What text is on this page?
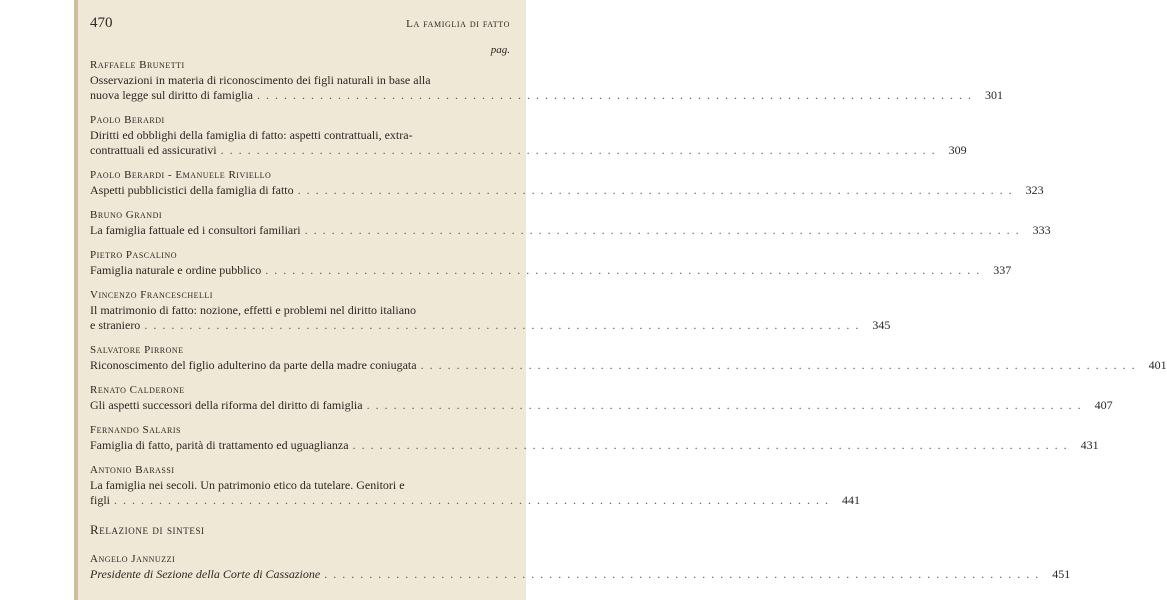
470	La famiglia di fatto
pag.
Raffaele Brunetti
Osservazioni in materia di riconoscimento dei figli naturali in base alla
nuova legge sul diritto di famiglia ................................................................................ 301
Paolo Berardi
Diritti ed obblighi della famiglia di fatto: aspetti contrattuali, extra-
contrattuali ed assicurativi ................................................................................ 309
Paolo Berardi - Emanuele Riviello
Aspetti pubblicistici della famiglia di fatto ................................................................................ 323
Bruno Grandi
La famiglia fattuale ed i consultori familiari ................................................................................ 333
Pietro Pascalino
Famiglia naturale e ordine pubblico ................................................................................ 337
Vincenzo Franceschelli
Il matrimonio di fatto: nozione, effetti e problemi nel diritto italiano
e straniero ................................................................................ 345
Salvatore Pirrone
Riconoscimento del figlio adulterino da parte della madre coniugata ................................................................................ 401
Renato Calderone
Gli aspetti successori della riforma del diritto di famiglia ................................................................................ 407
Fernando Salaris
Famiglia di fatto, parità di trattamento ed uguaglianza ................................................................................ 431
Antonio Barassi
La famiglia nei secoli. Un patrimonio etico da tutelare. Genitori e
figli ................................................................................ 441
Relazione di sintesi
Angelo Jannuzzi
Presidente di Sezione della Corte di Cassazione ................................................................................ 451
